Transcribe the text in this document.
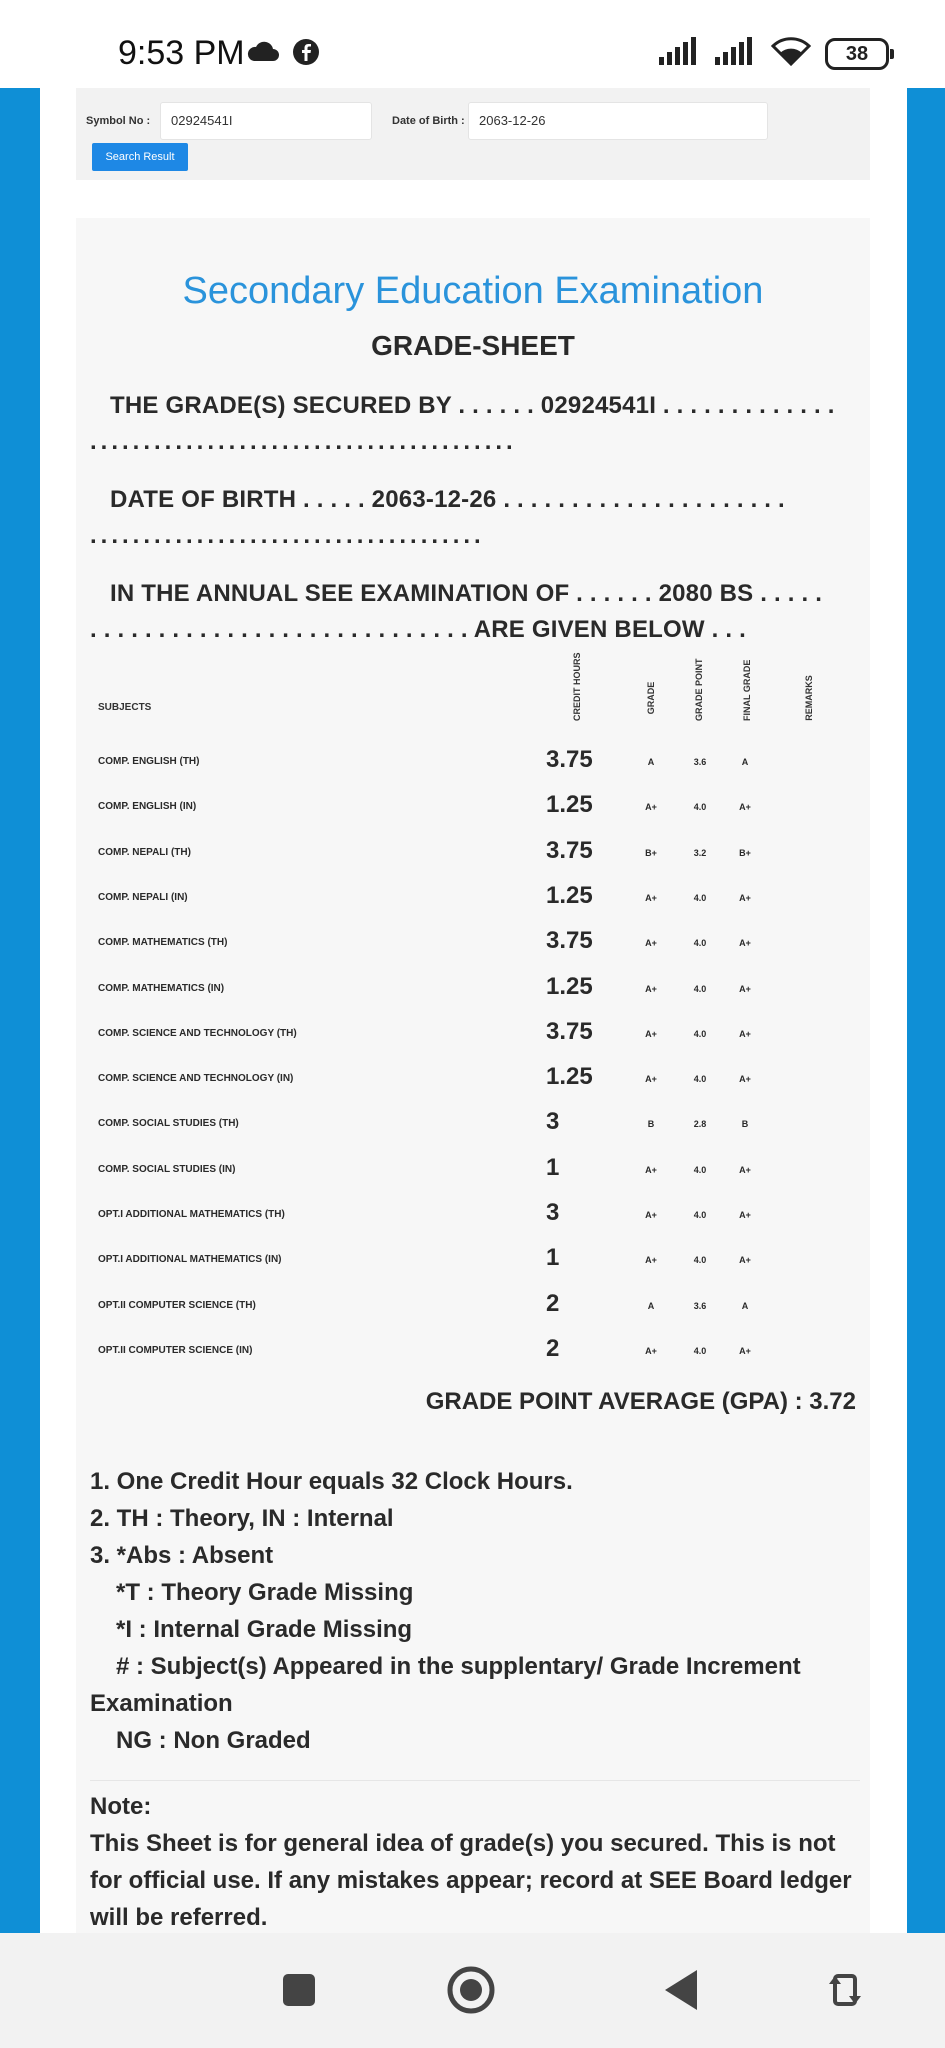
9:53 PM	38
Symbol No :	02924541I	Date of Birth :	2063-12-26
Search Result
Secondary Education Examination
GRADE-SHEET
THE GRADE(S) SECURED BY . . . . . . 02924541I . . . . . . . . . . . . .
........................................
DATE OF BIRTH . . . . . 2063-12-26 . . . . . . . . . . . . . . . . . . . . .
.....................................
IN THE ANNUAL SEE EXAMINATION OF . . . . . . 2080 BS . . . . .
. . . . . . . . . . . . . . . . . . . . . . . . . . . . ARE GIVEN BELOW . . .
SUBJECTS	CREDIT HOURS	GRADE	GRADE POINT	FINAL GRADE	REMARKS
COMP. ENGLISH (TH)	3.75	A	3.6	A
COMP. ENGLISH (IN)	1.25	A+	4.0	A+
COMP. NEPALI (TH)	3.75	B+	3.2	B+
COMP. NEPALI (IN)	1.25	A+	4.0	A+
COMP. MATHEMATICS (TH)	3.75	A+	4.0	A+
COMP. MATHEMATICS (IN)	1.25	A+	4.0	A+
COMP. SCIENCE AND TECHNOLOGY (TH)	3.75	A+	4.0	A+
COMP. SCIENCE AND TECHNOLOGY (IN)	1.25	A+	4.0	A+
COMP. SOCIAL STUDIES (TH)	3	B	2.8	B
COMP. SOCIAL STUDIES (IN)	1	A+	4.0	A+
OPT.I ADDITIONAL MATHEMATICS (TH)	3	A+	4.0	A+
OPT.I ADDITIONAL MATHEMATICS (IN)	1	A+	4.0	A+
OPT.II COMPUTER SCIENCE (TH)	2	A	3.6	A
OPT.II COMPUTER SCIENCE (IN)	2	A+	4.0	A+
GRADE POINT AVERAGE (GPA) : 3.72
1. One Credit Hour equals 32 Clock Hours.
2. TH : Theory, IN : Internal
3. *Abs : Absent
*T : Theory Grade Missing
*I : Internal Grade Missing
# : Subject(s) Appeared in the supplentary/ Grade Increment
Examination
NG : Non Graded
Note:
This Sheet is for general idea of grade(s) you secured. This is not for official use. If any mistakes appear; record at SEE Board ledger will be referred.
